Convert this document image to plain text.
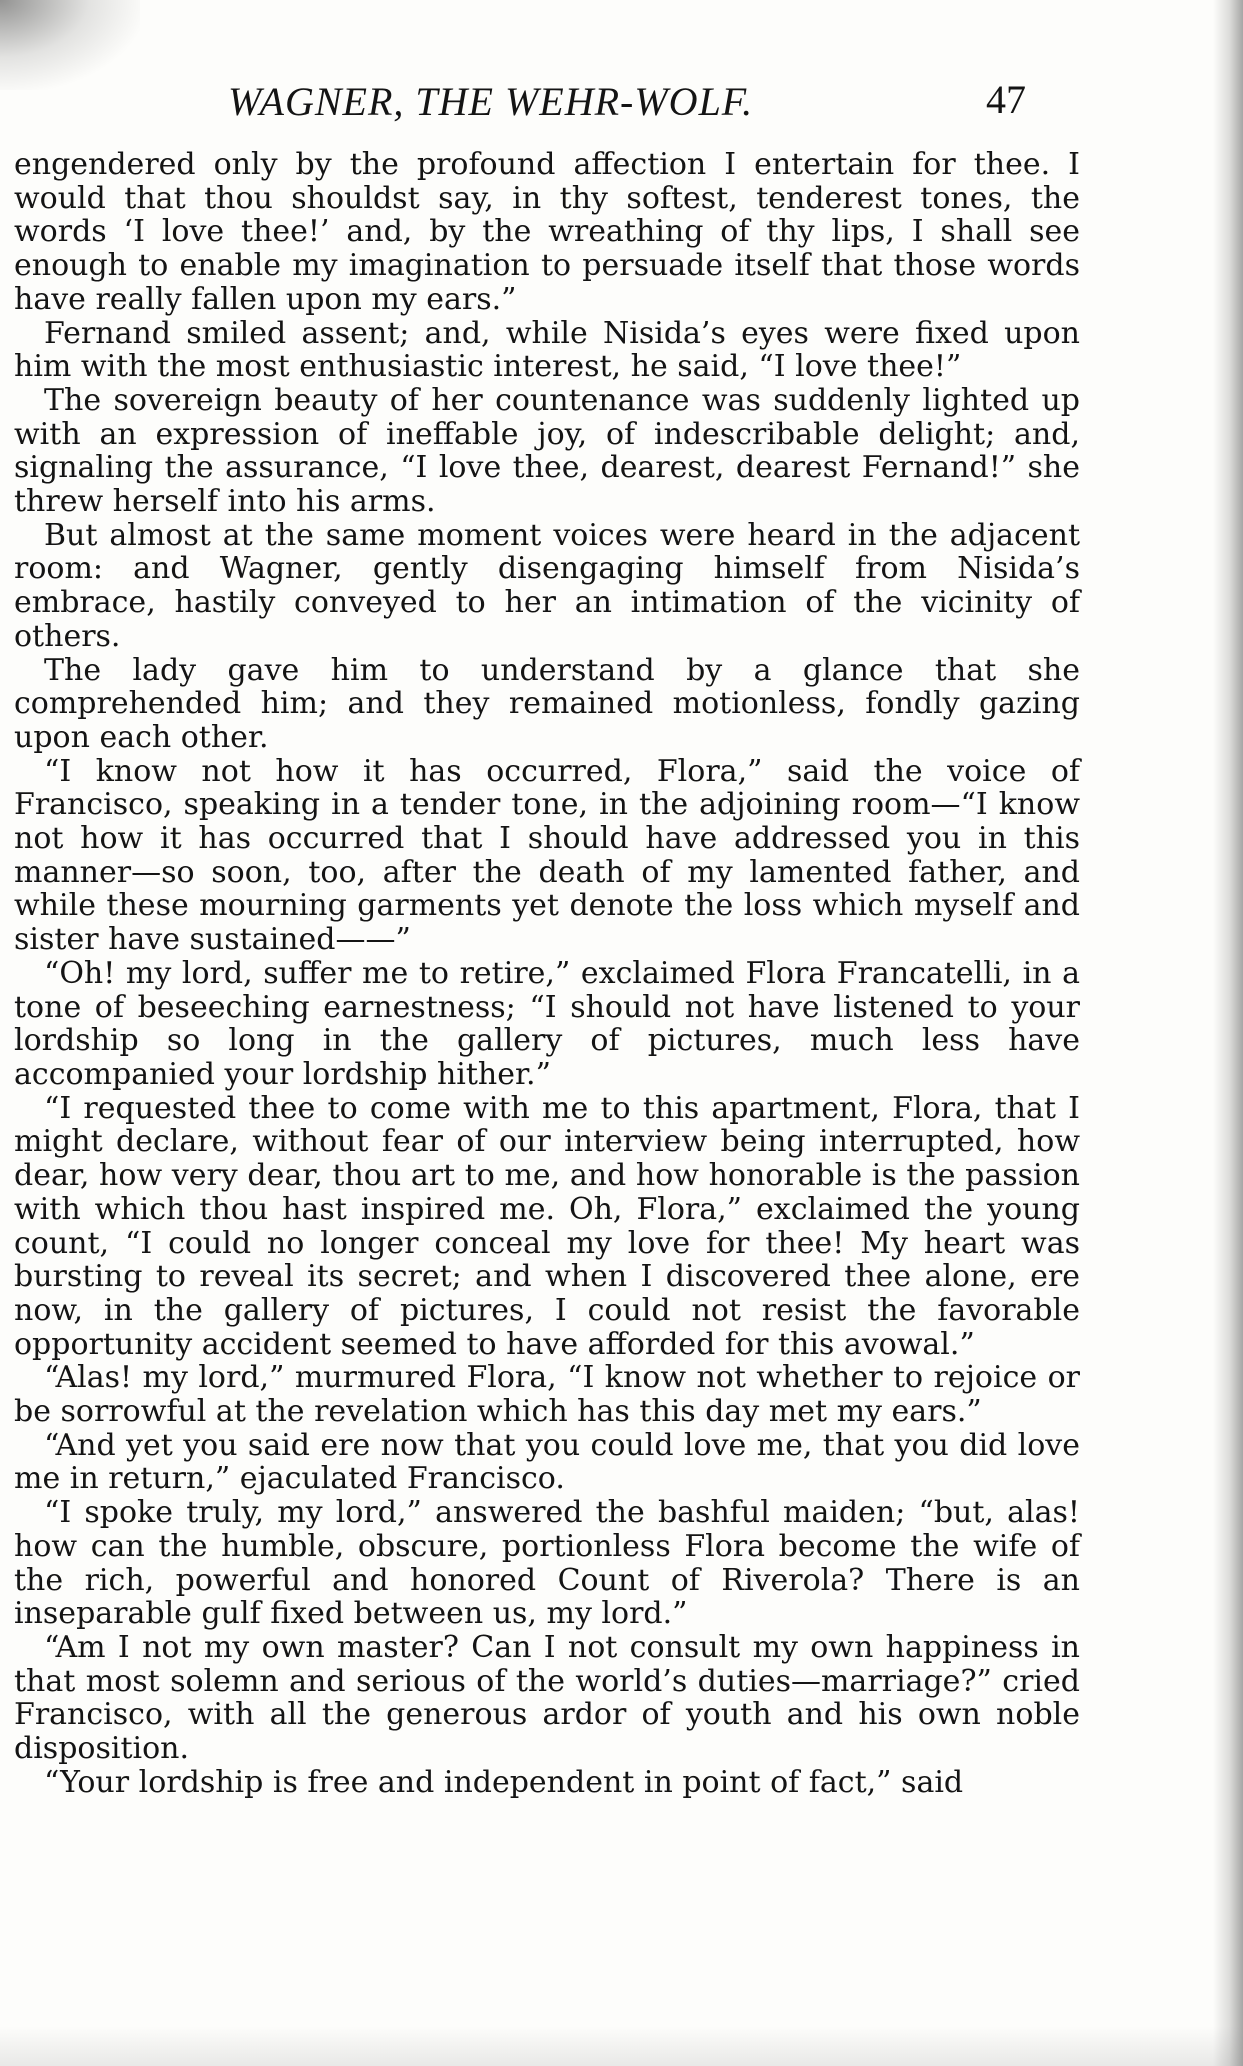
WAGNER, THE WEHR-WOLF.	47

engendered only by the profound affection I entertain for thee. I would that thou shouldst say, in thy softest, tenderest tones, the words ‘I love thee!’ and, by the wreathing of thy lips, I shall see enough to enable my imagination to persuade itself that those words have really fallen upon my ears.”

Fernand smiled assent; and, while Nisida’s eyes were fixed upon him with the most enthusiastic interest, he said, “I love thee!”

The sovereign beauty of her countenance was suddenly lighted up with an expression of ineffable joy, of indescribable delight; and, signaling the assurance, “I love thee, dearest, dearest Fernand!” she threw herself into his arms.

But almost at the same moment voices were heard in the adjacent room: and Wagner, gently disengaging himself from Nisida’s embrace, hastily conveyed to her an intimation of the vicinity of others.

The lady gave him to understand by a glance that she comprehended him; and they remained motionless, fondly gazing upon each other.

“I know not how it has occurred, Flora,” said the voice of Francisco, speaking in a tender tone, in the adjoining room—“I know not how it has occurred that I should have addressed you in this manner—so soon, too, after the death of my lamented father, and while these mourning garments yet denote the loss which myself and sister have sustained——”

“Oh! my lord, suffer me to retire,” exclaimed Flora Francatelli, in a tone of beseeching earnestness; “I should not have listened to your lordship so long in the gallery of pictures, much less have accompanied your lordship hither.”

“I requested thee to come with me to this apartment, Flora, that I might declare, without fear of our interview being interrupted, how dear, how very dear, thou art to me, and how honorable is the passion with which thou hast inspired me. Oh, Flora,” exclaimed the young count, “I could no longer conceal my love for thee! My heart was bursting to reveal its secret; and when I discovered thee alone, ere now, in the gallery of pictures, I could not resist the favorable opportunity accident seemed to have afforded for this avowal.”

“Alas! my lord,” murmured Flora, “I know not whether to rejoice or be sorrowful at the revelation which has this day met my ears.”

“And yet you said ere now that you could love me, that you did love me in return,” ejaculated Francisco.

“I spoke truly, my lord,” answered the bashful maiden; “but, alas! how can the humble, obscure, portionless Flora become the wife of the rich, powerful and honored Count of Riverola? There is an inseparable gulf fixed between us, my lord.”

“Am I not my own master? Can I not consult my own happiness in that most solemn and serious of the world’s duties—marriage?” cried Francisco, with all the generous ardor of youth and his own noble disposition.

“Your lordship is free and independent in point of fact,” said
